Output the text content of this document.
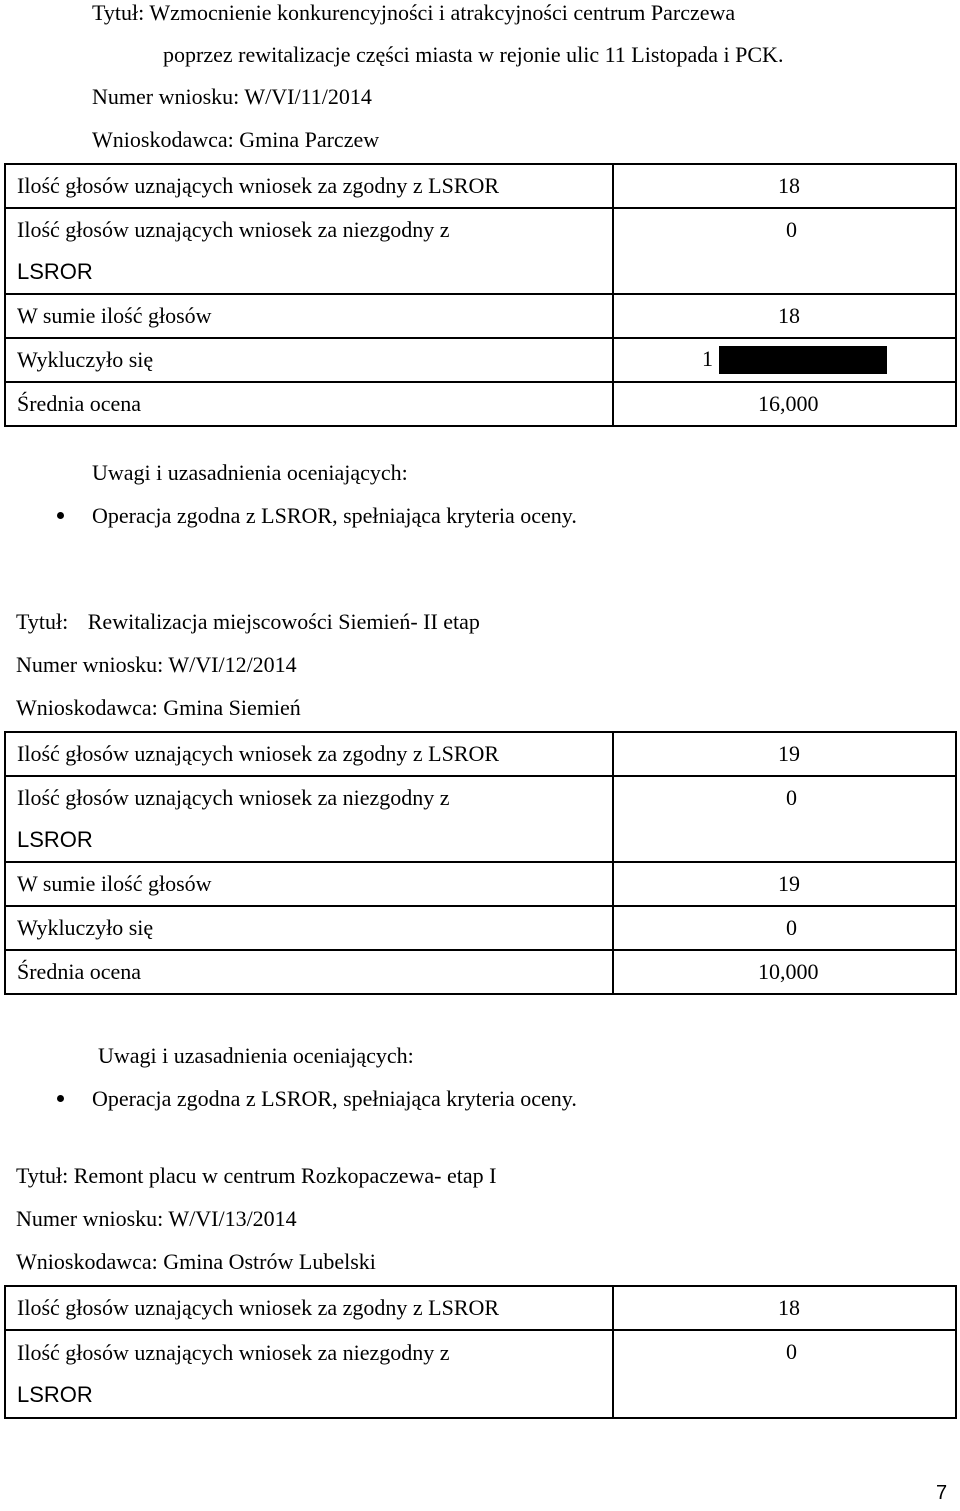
Tytuł: Wzmocnienie konkurencyjności i atrakcyjności centrum Parczewa
poprzez rewitalizacje części miasta w rejonie ulic 11 Listopada i PCK.
Numer wniosku: W/VI/11/2014
Wnioskodawca: Gmina Parczew
Ilość głosów uznających wniosek za zgodny z LSROR	18

Ilość głosów uznających wniosek za niezgodny z
LSROR	0
W sumie ilość głosów	18
Wykluczyło się	1
Średnia ocena	16,000
Uwagi i uzasadnienia oceniających:
Operacja zgodna z LSROR, spełniająca kryteria oceny.
Tytuł: Rewitalizacja miejscowości Siemień- II etap
Numer wniosku: W/VI/12/2014
Wnioskodawca: Gmina Siemień
Ilość głosów uznających wniosek za zgodny z LSROR	19

Ilość głosów uznających wniosek za niezgodny z
LSROR	0
W sumie ilość głosów	19
Wykluczyło się	0
Średnia ocena	10,000
Uwagi i uzasadnienia oceniających:
Operacja zgodna z LSROR, spełniająca kryteria oceny.
Tytuł: Remont placu w centrum Rozkopaczewa- etap I
Numer wniosku: W/VI/13/2014
Wnioskodawca: Gmina Ostrów Lubelski
Ilość głosów uznających wniosek za zgodny z LSROR	18

Ilość głosów uznających wniosek za niezgodny z
LSROR	0
7
